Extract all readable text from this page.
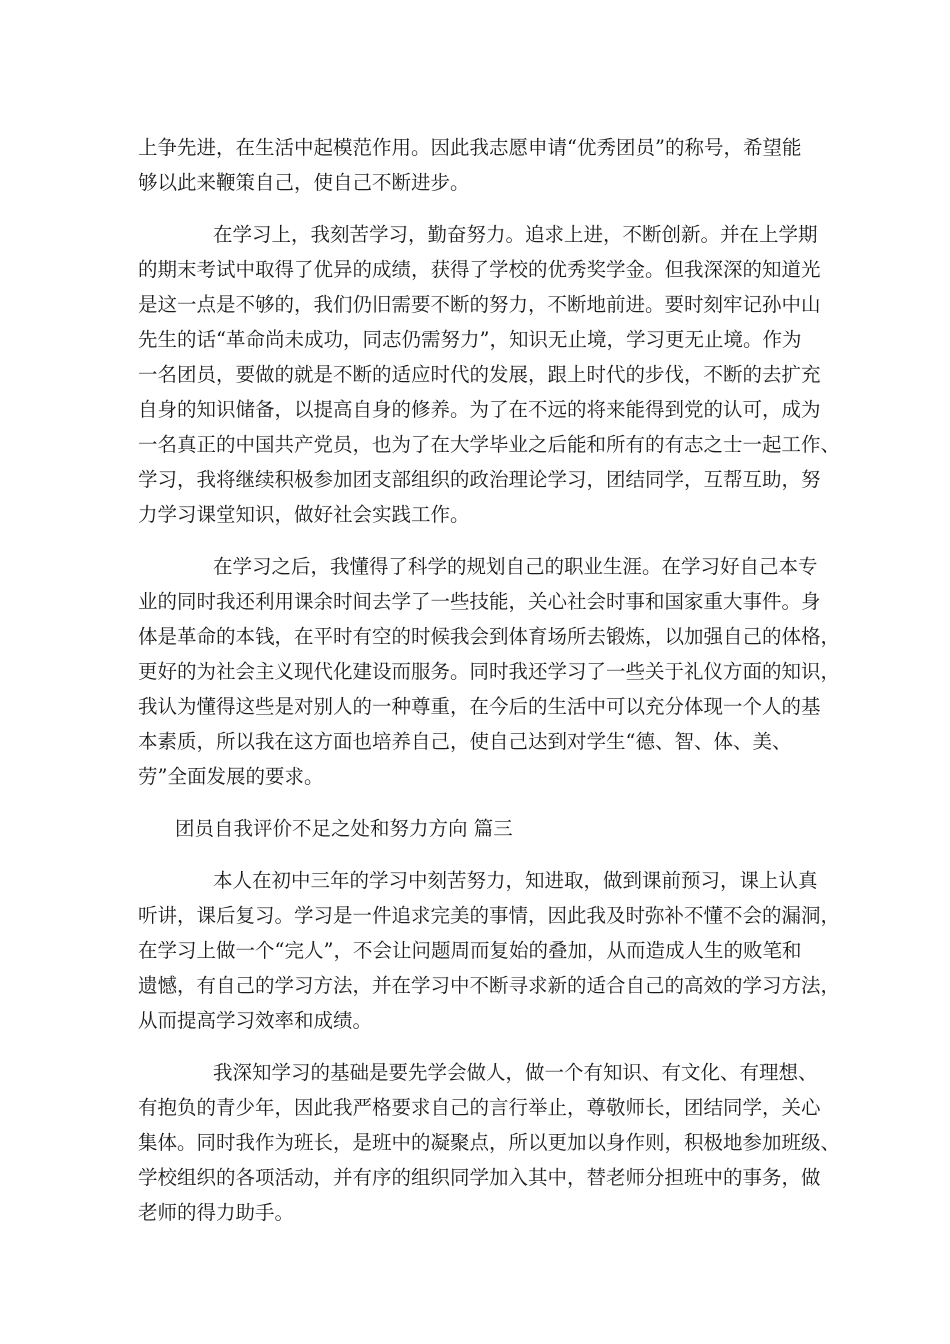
上争先进，在生活中起模范作用。因此我志愿申请“优秀团员”的称号，希望能

够以此来鞭策自己，使自己不断进步。

在学习上，我刻苦学习，勤奋努力。追求上进，不断创新。并在上学期

的期末考试中取得了优异的成绩，获得了学校的优秀奖学金。但我深深的知道光

是这一点是不够的，我们仍旧需要不断的努力，不断地前进。要时刻牢记孙中山

先生的话“革命尚未成功，同志仍需努力”，知识无止境，学习更无止境。作为

一名团员，要做的就是不断的适应时代的发展，跟上时代的步伐，不断的去扩充

自身的知识储备，以提高自身的修养。为了在不远的将来能得到党的认可，成为

一名真正的中国共产党员，也为了在大学毕业之后能和所有的有志之士一起工作、

学习，我将继续积极参加团支部组织的政治理论学习，团结同学，互帮互助，努

力学习课堂知识，做好社会实践工作。

在学习之后，我懂得了科学的规划自己的职业生涯。在学习好自己本专

业的同时我还利用课余时间去学了一些技能，关心社会时事和国家重大事件。身

体是革命的本钱，在平时有空的时候我会到体育场所去锻炼，以加强自己的体格，

更好的为社会主义现代化建设而服务。同时我还学习了一些关于礼仪方面的知识，

我认为懂得这些是对别人的一种尊重，在今后的生活中可以充分体现一个人的基

本素质，所以我在这方面也培养自己，使自己达到对学生“德、智、体、美、

劳”全面发展的要求。

团员自我评价不足之处和努力方向 篇三

本人在初中三年的学习中刻苦努力，知进取，做到课前预习，课上认真

听讲，课后复习。学习是一件追求完美的事情，因此我及时弥补不懂不会的漏洞，

在学习上做一个“完人”，不会让问题周而复始的叠加，从而造成人生的败笔和

遗憾，有自己的学习方法，并在学习中不断寻求新的适合自己的高效的学习方法，

从而提高学习效率和成绩。

我深知学习的基础是要先学会做人，做一个有知识、有文化、有理想、

有抱负的青少年，因此我严格要求自己的言行举止，尊敬师长，团结同学，关心

集体。同时我作为班长，是班中的凝聚点，所以更加以身作则，积极地参加班级、

学校组织的各项活动，并有序的组织同学加入其中，替老师分担班中的事务，做

老师的得力助手。
